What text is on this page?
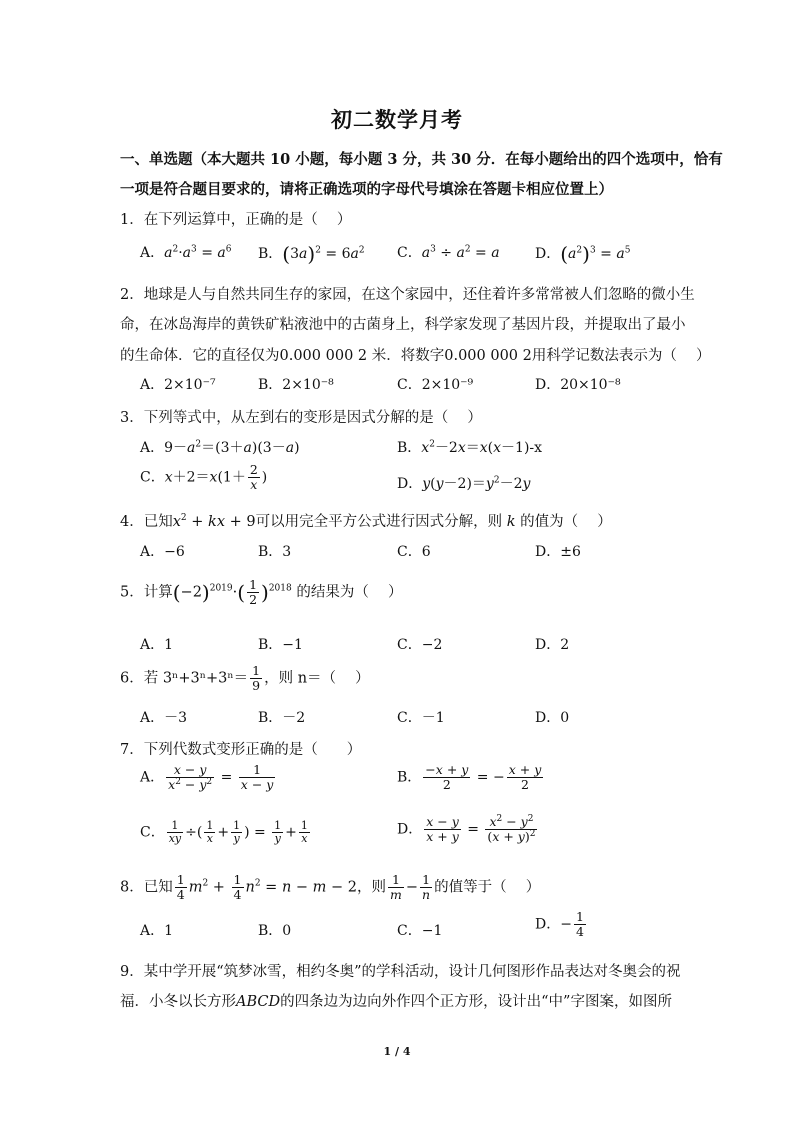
初二数学月考
一、单选题（本大题共 10 小题，每小题 3 分，共 30 分．在每小题给出的四个选项中，恰有
一项是符合题目要求的，请将正确选项的字母代号填涂在答题卡相应位置上）
1．在下列运算中，正确的是（　 ）
A．$a^2\cdot a^3 = a^6$ B．$(3a)^2 = 6a^2$ C．$a^3 \div a^2 = a$	D．$(a^2)^3 = a^5$
2．地球是人与自然共同生存的家园，在这个家园中，还住着许多常常被人们忽略的微小生
命，在冰岛海岸的黄铁矿粘液池中的古菌身上，科学家发现了基因片段，并提取出了最小
的生命体．它的直径仅为0.000 000 2 米．将数字0.000 000 2用科学记数法表示为（　 ）
A．2×10⁻⁷	B．2×10⁻⁸	C．2×10⁻⁹	D．20×10⁻⁸
3．下列等式中，从左到右的变形是因式分解的是（　 ）
A．$9-a^2=(3+a)(3-a)$	B．$x^2-2x=x(x-1)-x$
C．$x+2=x(1+ \frac{2}{x}$ )	D．$y(y-2)=y^2-2y$
4．已知$x^2$ + kx + 9可以用完全平方公式进行因式分解，则 k 的值为（　 ）
A．−6	B．3	C．6	D．±6
5．计算$(-2)^{2019}\cdot( \frac{1}{2} )^{2018}$ 的结果为（　 ）
A．1	B．−1	C．−2	D．2
6．若 $3^n+3^n+3^n= \frac{1}{9}$ ，则 n＝（　 ）
A．－3	B．－2	C．－1	D．0
7．下列代数式变形正确的是（　　）
A． $\frac{x - y}{x^2 - y^2} = \frac{1}{x - y}$	B． $\frac{-x + y}{2}$ = − $\frac{x + y}{2}$
C． $\frac{1}{xy}$ ÷( $\frac{1}{x} + \frac{1}{y}$ ) = $\frac{1}{y} + \frac{1}{x}$	D． $\frac{x - y}{x + y} = \frac{x^2 - y^2}{(x + y)^2}$
8．已知 $\frac{1}{4} m^2 + \frac{1}{4} n^2 = n - m - 2$，则 $\frac{1}{m} - \frac{1}{n}$ 的值等于（　 ）
A．1	B．0	C．−1	D．− $\frac{1}{4}$
9．某中学开展“筑梦冰雪，相约冬奥”的学科活动，设计几何图形作品表达对冬奥会的祝
福．小冬以长方形ABCD的四条边为边向外作四个正方形，设计出“中”字图案，如图所
1 / 4
